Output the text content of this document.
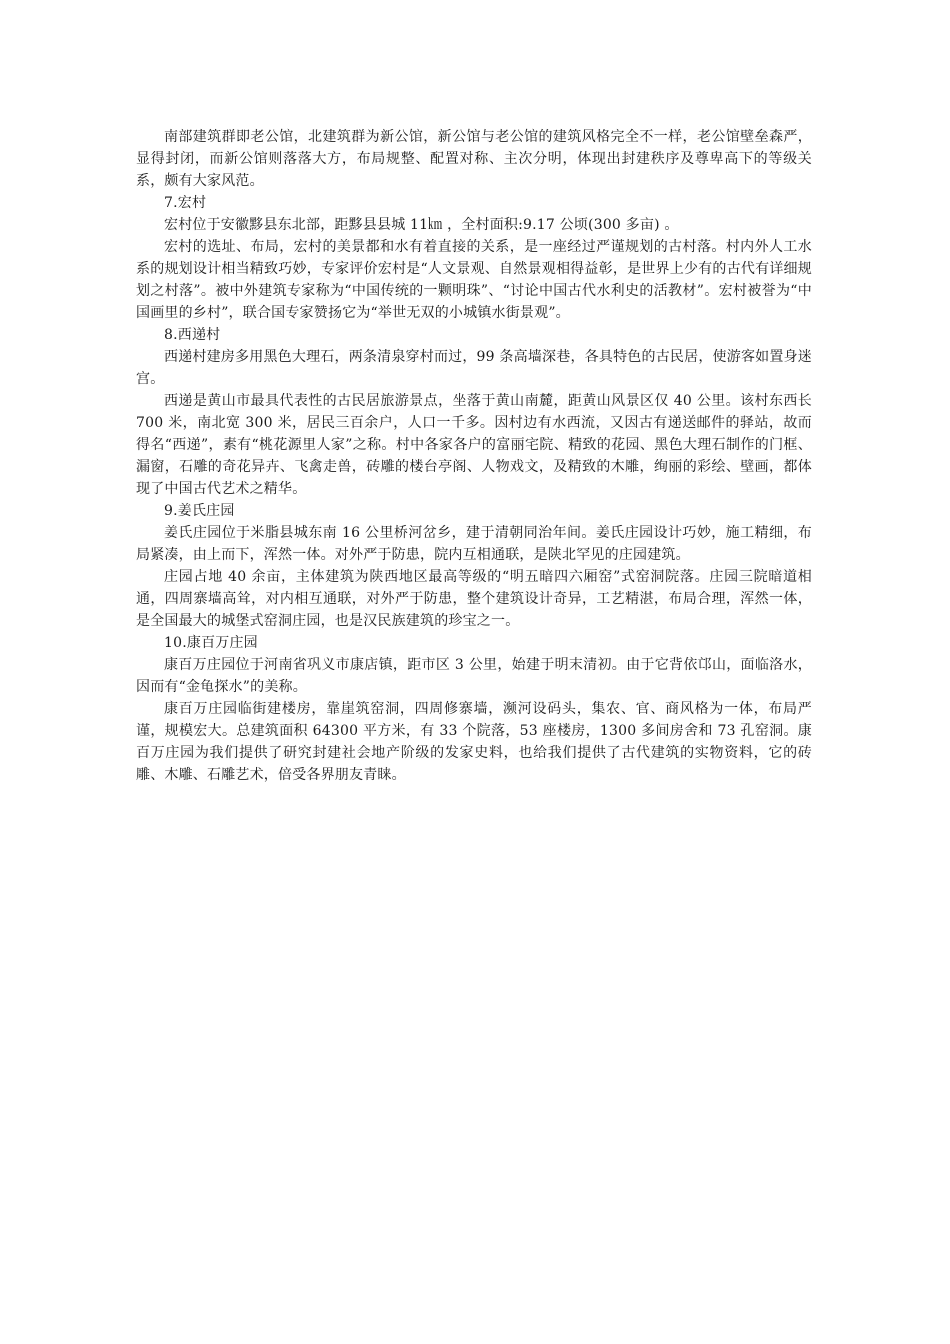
南部建筑群即老公馆，北建筑群为新公馆，新公馆与老公馆的建筑风格完全不一样，老公馆壁垒森严，显得封闭，而新公馆则落落大方，布局规整、配置对称、主次分明，体现出封建秩序及尊卑高下的等级关系，颇有大家风范。

7.宏村

宏村位于安徽黟县东北部，距黟县县城 11㎞ ，全村面积:9.17 公顷(300 多亩) 。

宏村的选址、布局，宏村的美景都和水有着直接的关系，是一座经过严谨规划的古村落。村内外人工水系的规划设计相当精致巧妙，专家评价宏村是“人文景观、自然景观相得益彰，是世界上少有的古代有详细规划之村落”。被中外建筑专家称为“中国传统的一颗明珠”、“讨论中国古代水利史的活教材”。宏村被誉为“中国画里的乡村”，联合国专家赞扬它为“举世无双的小城镇水街景观”。

8.西递村

西递村建房多用黑色大理石，两条清泉穿村而过，99 条高墙深巷，各具特色的古民居，使游客如置身迷宫。

西递是黄山市最具代表性的古民居旅游景点，坐落于黄山南麓，距黄山风景区仅 40 公里。该村东西长 700 米，南北宽 300 米，居民三百余户，人口一千多。因村边有水西流，又因古有递送邮件的驿站，故而得名“西递”，素有“桃花源里人家”之称。村中各家各户的富丽宅院、精致的花园、黑色大理石制作的门框、漏窗，石雕的奇花异卉、飞禽走兽，砖雕的楼台亭阁、人物戏文，及精致的木雕，绚丽的彩绘、壁画，都体现了中国古代艺术之精华。

9.姜氏庄园

姜氏庄园位于米脂县城东南 16 公里桥河岔乡，建于清朝同治年间。姜氏庄园设计巧妙，施工精细，布局紧凑，由上而下，浑然一体。对外严于防患，院内互相通联，是陕北罕见的庄园建筑。

庄园占地 40 余亩，主体建筑为陕西地区最高等级的“明五暗四六厢窑”式窑洞院落。庄园三院暗道相通，四周寨墙高耸，对内相互通联，对外严于防患，整个建筑设计奇异，工艺精湛，布局合理，浑然一体，是全国最大的城堡式窑洞庄园，也是汉民族建筑的珍宝之一。

10.康百万庄园

康百万庄园位于河南省巩义市康店镇，距市区 3 公里，始建于明末清初。由于它背依邙山，面临洛水，因而有“金龟探水”的美称。

康百万庄园临街建楼房，靠崖筑窑洞，四周修寨墙，濒河设码头，集农、官、商风格为一体，布局严谨，规模宏大。总建筑面积 64300 平方米，有 33 个院落，53 座楼房，1300 多间房舍和 73 孔窑洞。康百万庄园为我们提供了研究封建社会地产阶级的发家史料，也给我们提供了古代建筑的实物资料，它的砖雕、木雕、石雕艺术，倍受各界朋友青睐。
